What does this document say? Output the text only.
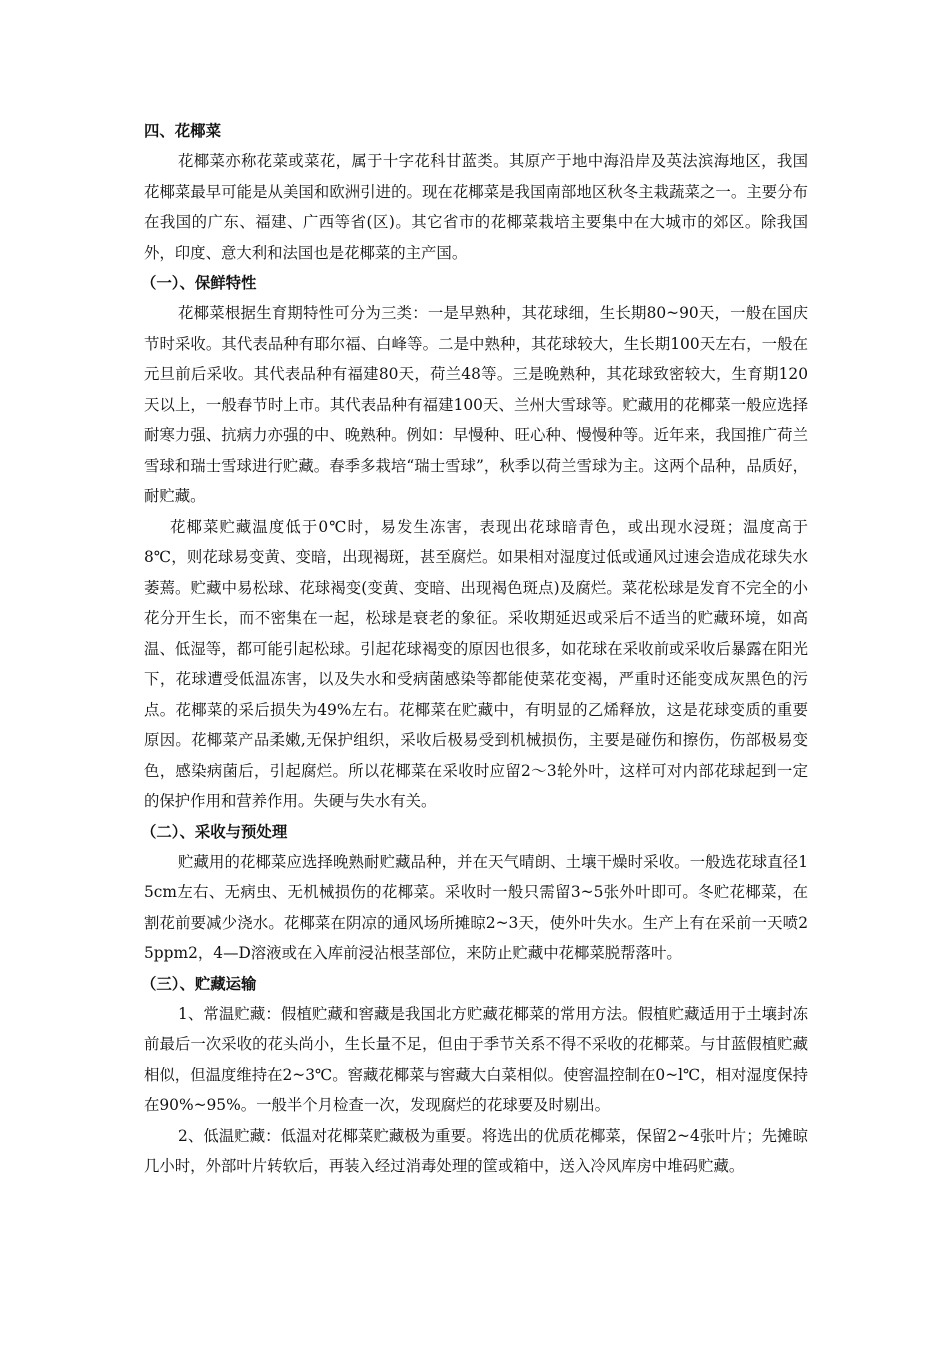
四、花椰菜

花椰菜亦称花菜或菜花，属于十字花科甘蓝类。其原产于地中海沿岸及英法滨海地区，我国花椰菜最早可能是从美国和欧洲引进的。现在花椰菜是我国南部地区秋冬主栽蔬菜之一。主要分布在我国的广东、福建、广西等省(区)。其它省市的花椰菜栽培主要集中在大城市的郊区。除我国外，印度、意大利和法国也是花椰菜的主产国。

（一）、保鲜特性

花椰菜根据生育期特性可分为三类：一是早熟种，其花球细，生长期80~90天，一般在国庆节时采收。其代表品种有耶尔福、白峰等。二是中熟种，其花球较大，生长期100天左右，一般在元旦前后采收。其代表品种有福建80天，荷兰48等。三是晚熟种，其花球致密较大，生育期120天以上，一般春节时上市。其代表品种有福建100天、兰州大雪球等。贮藏用的花椰菜一般应选择耐寒力强、抗病力亦强的中、晚熟种。例如：早慢种、旺心种、慢慢种等。近年来，我国推广荷兰雪球和瑞士雪球进行贮藏。春季多栽培“瑞士雪球”，秋季以荷兰雪球为主。这两个品种，品质好，耐贮藏。

花椰菜贮藏温度低于0℃时，易发生冻害，表现出花球暗青色，或出现水浸斑；温度高于8℃，则花球易变黄、变暗，出现褐斑，甚至腐烂。如果相对湿度过低或通风过速会造成花球失水萎蔫。贮藏中易松球、花球褐变(变黄、变暗、出现褐色斑点)及腐烂。菜花松球是发育不完全的小花分开生长，而不密集在一起，松球是衰老的象征。采收期延迟或采后不适当的贮藏环境，如高温、低湿等，都可能引起松球。引起花球褐变的原因也很多，如花球在采收前或采收后暴露在阳光下，花球遭受低温冻害，以及失水和受病菌感染等都能使菜花变褐，严重时还能变成灰黑色的污点。花椰菜的采后损失为49%左右。花椰菜在贮藏中，有明显的乙烯释放，这是花球变质的重要原因。花椰菜产品柔嫩,无保护组织，采收后极易受到机械损伤，主要是碰伤和擦伤，伤部极易变色，感染病菌后，引起腐烂。所以花椰菜在采收时应留2～3轮外叶，这样可对内部花球起到一定的保护作用和营养作用。失硬与失水有关。

（二）、采收与预处理

贮藏用的花椰菜应选择晚熟耐贮藏品种，并在天气晴朗、土壤干燥时采收。一般选花球直径15cm左右、无病虫、无机械损伤的花椰菜。采收时一般只需留3~5张外叶即可。冬贮花椰菜，在割花前要减少浇水。花椰菜在阴凉的通风场所摊晾2~3天，使外叶失水。生产上有在采前一天喷25ppm2，4—D溶液或在入库前浸沾根茎部位，来防止贮藏中花椰菜脱帮落叶。

（三）、贮藏运输

1、常温贮藏：假植贮藏和窖藏是我国北方贮藏花椰菜的常用方法。假植贮藏适用于土壤封冻前最后一次采收的花头尚小，生长量不足，但由于季节关系不得不采收的花椰菜。与甘蓝假植贮藏相似，但温度维持在2~3℃。窖藏花椰菜与窖藏大白菜相似。使窖温控制在0~l℃，相对湿度保持在90%~95%。一般半个月检查一次，发现腐烂的花球要及时剔出。

2、低温贮藏：低温对花椰菜贮藏极为重要。将选出的优质花椰菜，保留2~4张叶片；先摊晾几小时，外部叶片转软后，再装入经过消毒处理的筐或箱中，送入冷风库房中堆码贮藏。
